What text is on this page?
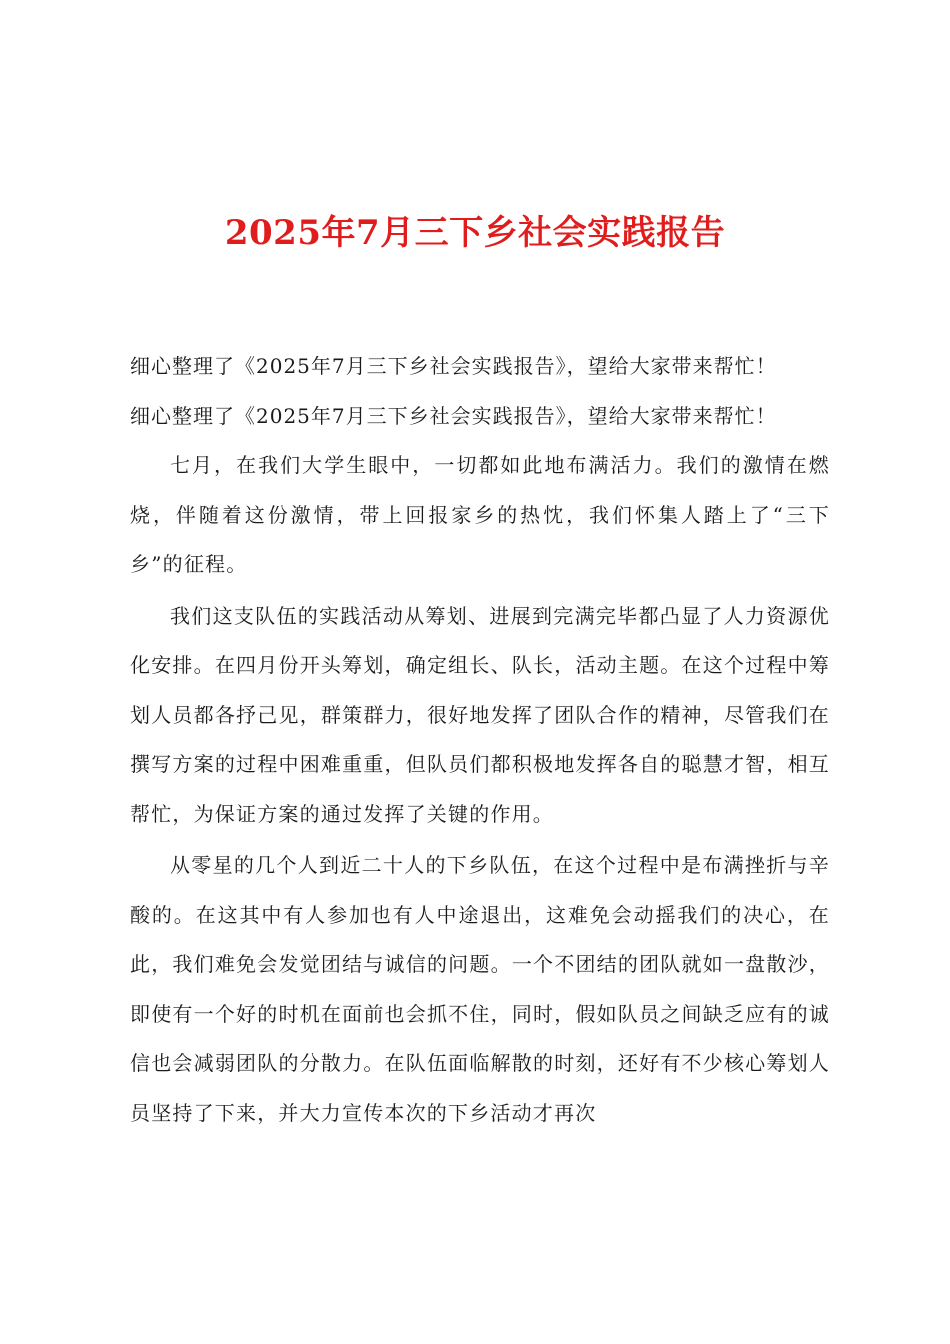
2025年7月三下乡社会实践报告

细心整理了《2025年7月三下乡社会实践报告》，望给大家带来帮忙！

细心整理了《2025年7月三下乡社会实践报告》，望给大家带来帮忙！

七月，在我们大学生眼中，一切都如此地布满活力。我们的激情在燃烧，伴随着这份激情，带上回报家乡的热忱，我们怀集人踏上了“三下乡”的征程。

我们这支队伍的实践活动从筹划、进展到完满完毕都凸显了人力资源优化安排。在四月份开头筹划，确定组长、队长，活动主题。在这个过程中筹划人员都各抒己见，群策群力，很好地发挥了团队合作的精神，尽管我们在撰写方案的过程中困难重重，但队员们都积极地发挥各自的聪慧才智，相互帮忙，为保证方案的通过发挥了关键的作用。

从零星的几个人到近二十人的下乡队伍，在这个过程中是布满挫折与辛酸的。在这其中有人参加也有人中途退出，这难免会动摇我们的决心，在此，我们难免会发觉团结与诚信的问题。一个不团结的团队就如一盘散沙，即使有一个好的时机在面前也会抓不住，同时，假如队员之间缺乏应有的诚信也会减弱团队的分散力。在队伍面临解散的时刻，还好有不少核心筹划人员坚持了下来，并大力宣传本次的下乡活动才再次
